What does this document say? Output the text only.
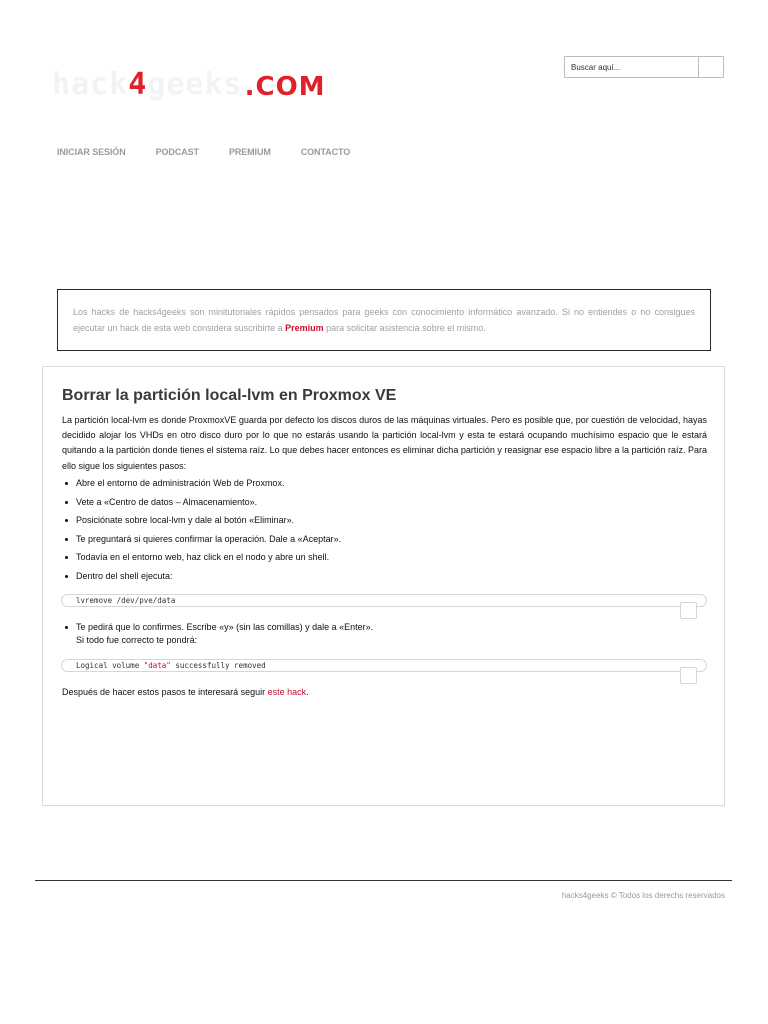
hack 4 geeks .COM
Buscar aquí...
INICIAR SESIÓN	PODCAST	PREMIUM	CONTACTO
Los hacks de hacks4geeks son minitutoriales rápidos pensados para geeks con conocimiento informático avanzado. Si no entiendes o no consigues ejecutar un hack de esta web considera suscribirte a Premium para solicitar asistencia sobre el mismo.
Borrar la partición local-lvm en Proxmox VE

La partición local-lvm es donde ProxmoxVE guarda por defecto los discos duros de las máquinas virtuales. Pero es posible que, por cuestión de velocidad, hayas decidido alojar los VHDs en otro disco duro por lo que no estarás usando la partición local-lvm y esta te estará ocupando muchísimo espacio que le estará quitando a la partición donde tienes el sistema raíz. Lo que debes hacer entonces es eliminar dicha partición y reasignar ese espacio libre a la partición raíz. Para ello sigue los siguientes pasos:

Abre el entorno de administración Web de Proxmox.
Vete a «Centro de datos – Almacenamiento».
Posiciónate sobre local-lvm y dale al botón «Eliminar».
Te preguntará si quieres confirmar la operación. Dale a «Aceptar».
Todavía en el entorno web, haz click en el nodo y abre un shell.
Dentro del shell ejecuta:
lvremove /dev/pve/data
Te pedirá que lo confirmes. Escribe «y» (sin las comillas) y dale a «Enter».
Si todo fue correcto te pondrá:
Logical volume "data" successfully removed
Después de hacer estos pasos te interesará seguir este hack.
hacks4geeks © Todos los derechs reservados
